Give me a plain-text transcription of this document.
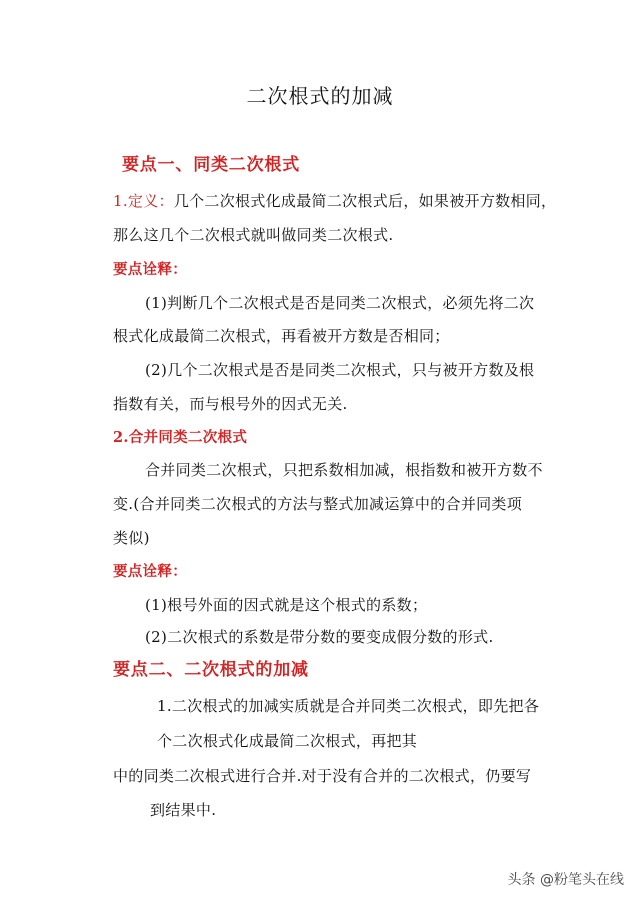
二次根式的加减
要点一、同类二次根式
1.定义：几个二次根式化成最简二次根式后，如果被开方数相同，
那么这几个二次根式就叫做同类二次根式.
要点诠释：
(1)判断几个二次根式是否是同类二次根式，必须先将二次
根式化成最简二次根式，再看被开方数是否相同；
(2)几个二次根式是否是同类二次根式，只与被开方数及根
指数有关，而与根号外的因式无关.
2.合并同类二次根式
合并同类二次根式，只把系数相加减，根指数和被开方数不
变.(合并同类二次根式的方法与整式加减运算中的合并同类项
类似)
要点诠释：
(1)根号外面的因式就是这个根式的系数；
(2)二次根式的系数是带分数的要变成假分数的形式.
要点二、二次根式的加减
1.二次根式的加减实质就是合并同类二次根式，即先把各
个二次根式化成最简二次根式，再把其
中的同类二次根式进行合并.对于没有合并的二次根式，仍要写
到结果中.
头条 @粉笔头在线
